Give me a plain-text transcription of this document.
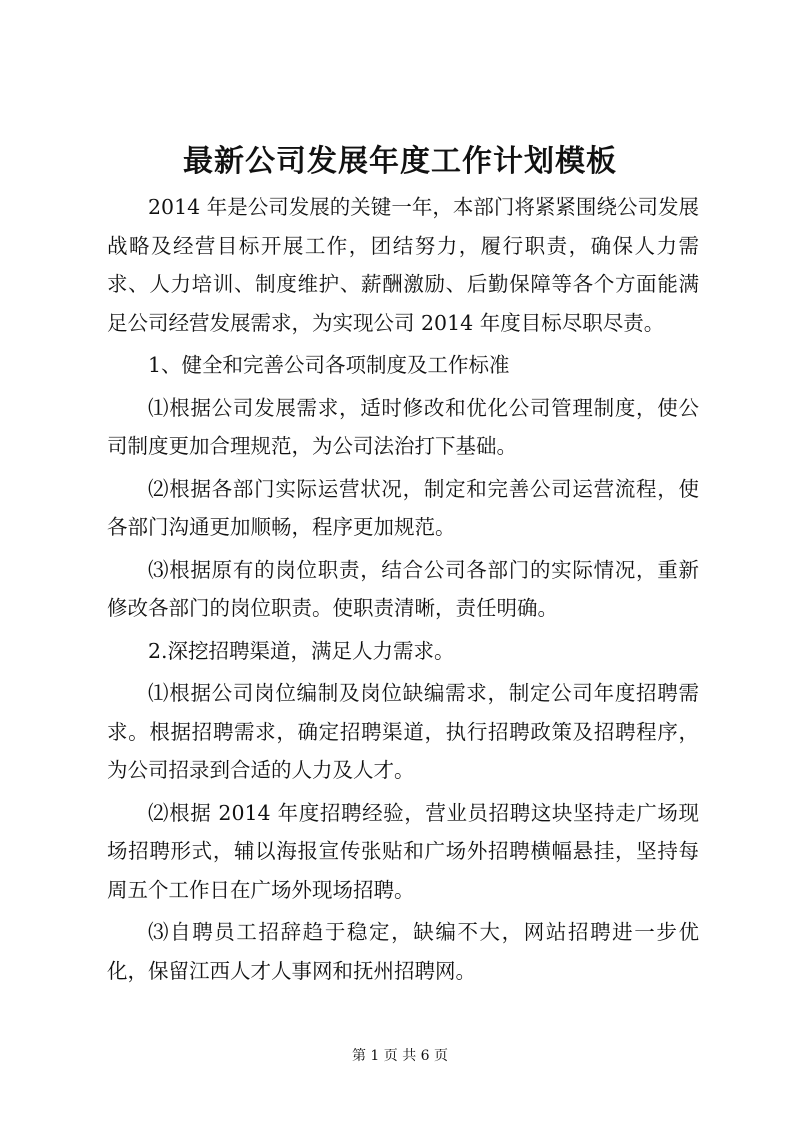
最新公司发展年度工作计划模板

2014 年是公司发展的关键一年，本部门将紧紧围绕公司发展战略及经营目标开展工作，团结努力，履行职责，确保人力需求、人力培训、制度维护、薪酬激励、后勤保障等各个方面能满足公司经营发展需求，为实现公司 2014 年度目标尽职尽责。

1、健全和完善公司各项制度及工作标准

⑴根据公司发展需求，适时修改和优化公司管理制度，使公司制度更加合理规范，为公司法治打下基础。

⑵根据各部门实际运营状况，制定和完善公司运营流程，使各部门沟通更加顺畅，程序更加规范。

⑶根据原有的岗位职责，结合公司各部门的实际情况，重新修改各部门的岗位职责。使职责清晰，责任明确。

2.深挖招聘渠道，满足人力需求。

⑴根据公司岗位编制及岗位缺编需求，制定公司年度招聘需求。根据招聘需求，确定招聘渠道，执行招聘政策及招聘程序，为公司招录到合适的人力及人才。

⑵根据 2014 年度招聘经验，营业员招聘这块坚持走广场现场招聘形式，辅以海报宣传张贴和广场外招聘横幅悬挂，坚持每周五个工作日在广场外现场招聘。

⑶自聘员工招辞趋于稳定，缺编不大，网站招聘进一步优化，保留江西人才人事网和抚州招聘网。

第 1 页 共 6 页
